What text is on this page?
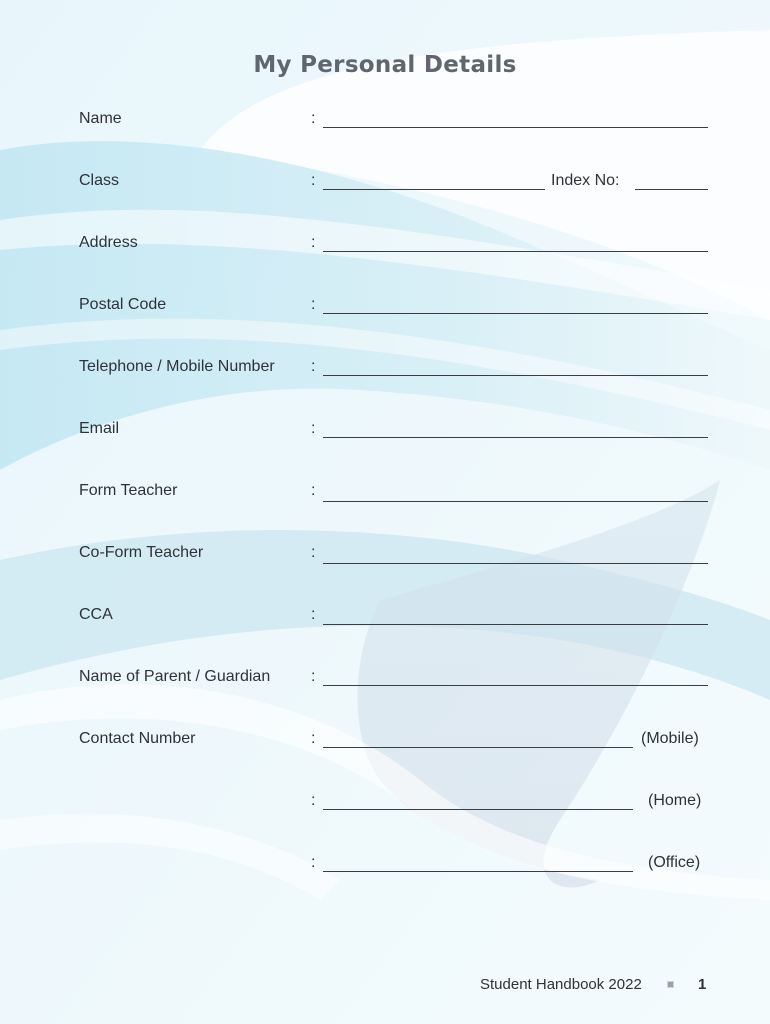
My Personal Details
Name	:
Class	:	Index No:
Address	:
Postal Code	:
Telephone / Mobile Number :
Email	:
Form Teacher	:
Co-Form Teacher	:
CCA	:
Name of Parent / Guardian	:
Contact Number	:	(Mobile)
:	(Home)
:	(Office)
Student Handbook 2022	1
